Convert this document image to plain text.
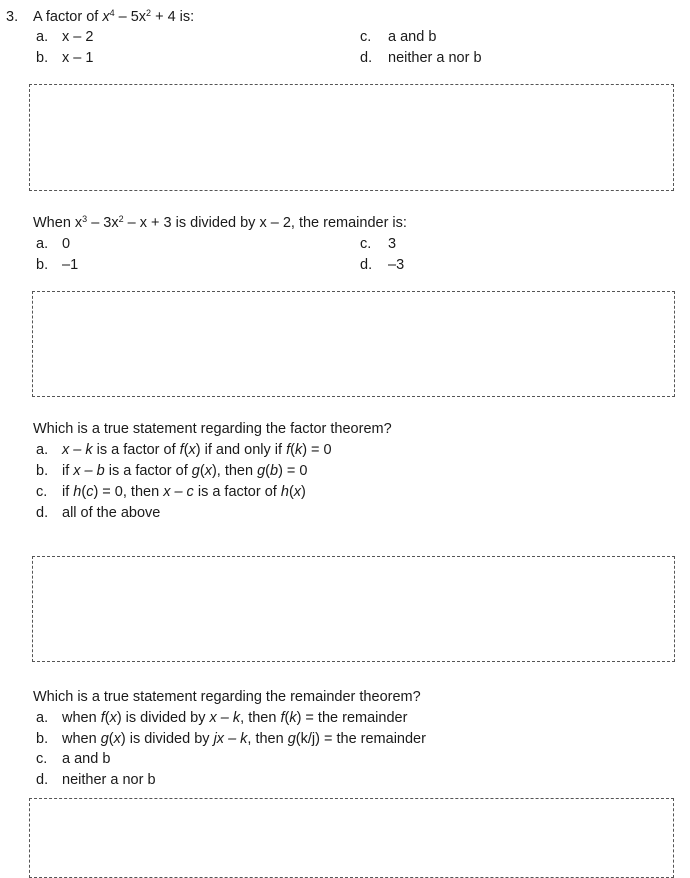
3. A factor of $x^4 - 5x^2 + 4$ is:
a. x – 2
b. x – 1
c. a and b
d. neither a nor b
When $x^3 - 3x^2 - x + 3$ is divided by x – 2, the remainder is:
a. 0
b. –1
c. 3
d. –3
Which is a true statement regarding the factor theorem?
a. x – k is a factor of f(x) if and only if f(k) = 0
b. if x – b is a factor of g(x), then g(b) = 0
c. if h(c) = 0, then x – c is a factor of h(x)
d. all of the above
Which is a true statement regarding the remainder theorem?
a. when f(x) is divided by x – k, then f(k) = the remainder
b. when g(x) is divided by jx – k, then g(k/j) = the remainder
c. a and b
d. neither a nor b
